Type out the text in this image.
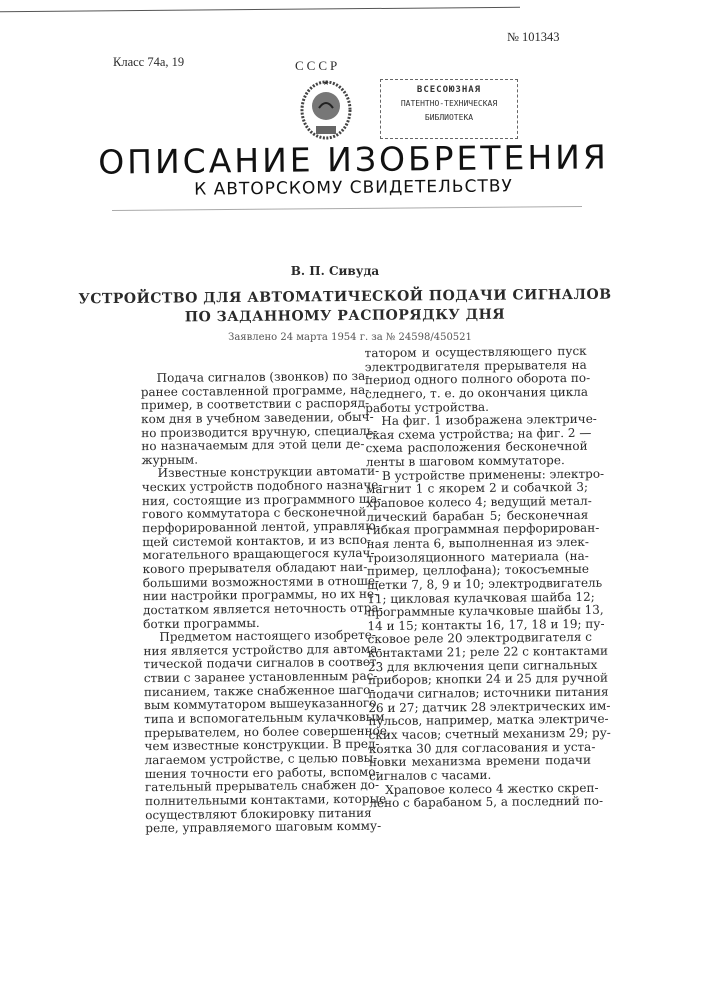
Класс 74а, 19
№ 101343
СССР
ВСЕСОЮЗНАЯ
ПАТЕНТНО-ТЕХНИЧЕСКАЯ
БИБЛИОТЕКА
ОПИСАНИЕ ИЗОБРЕТЕНИЯ
К АВТОРСКОМУ СВИДЕТЕЛЬСТВУ
В. П. Сивуда
УСТРОЙСТВО ДЛЯ АВТОМАТИЧЕСКОЙ ПОДАЧИ СИГНАЛОВ
ПО ЗАДАННОМУ РАСПОРЯДКУ ДНЯ
Заявлено 24 марта 1954 г. за № 24598/450521
Подача сигналов (звонков) по за-
ранее составленной программе, на-
пример, в соответствии с распоряд-
ком дня в учебном заведении, обыч-
но производится вручную, специаль-
но назначаемым для этой цели де-
журным.
Известные конструкции автомати-
ческих устройств подобного назначе-
ния, состоящие из программного ша-
гового коммутатора с бесконечной
перфорированной лентой, управляю-
щей системой контактов, и из вспо-
могательного вращающегося кулач-
кового прерывателя обладают наи-
большими возможностями в отноше-
нии настройки программы, но их не-
достатком является неточность отра-
ботки программы.
Предметом настоящего изобрете-
ния является устройство для автома-
тической подачи сигналов в соответ-
ствии с заранее установленным рас-
писанием, также снабженное шаго-
вым коммутатором вышеуказанного
типа и вспомогательным кулачковым
прерывателем, но более совершенное,
чем известные конструкции. В пред-
лагаемом устройстве, с целью повы-
шения точности его работы, вспомо-
гательный прерыватель снабжен до-
полнительными контактами, которые
осуществляют блокировку питания
реле, управляемого шаговым комму-
татором и осуществляющего пуск
электродвигателя прерывателя на
период одного полного оборота по-
следнего, т. е. до окончания цикла
работы устройства.
На фиг. 1 изображена электриче-
ская схема устройства; на фиг. 2 —
схема расположения бесконечной
ленты в шаговом коммутаторе.
В устройстве применены: электро-
магнит 1 с якорем 2 и собачкой 3;
храповое колесо 4; ведущий метал-
лический барабан 5; бесконечная
гибкая программная перфорирован-
ная лента 6, выполненная из элек-
троизоляционного материала (на-
пример, целлофана); токосъемные
щетки 7, 8, 9 и 10; электродвигатель
11; цикловая кулачковая шайба 12;
программные кулачковые шайбы 13,
14 и 15; контакты 16, 17, 18 и 19; пу-
сковое реле 20 электродвигателя с
контактами 21; реле 22 с контактами
23 для включения цепи сигнальных
приборов; кнопки 24 и 25 для ручной
подачи сигналов; источники питания
26 и 27; датчик 28 электрических им-
пульсов, например, матка электриче-
ских часов; счетный механизм 29; ру-
коятка 30 для согласования и уста-
новки механизма времени подачи
сигналов с часами.
Храповое колесо 4 жестко скреп-
лено с барабаном 5, а последний по-
